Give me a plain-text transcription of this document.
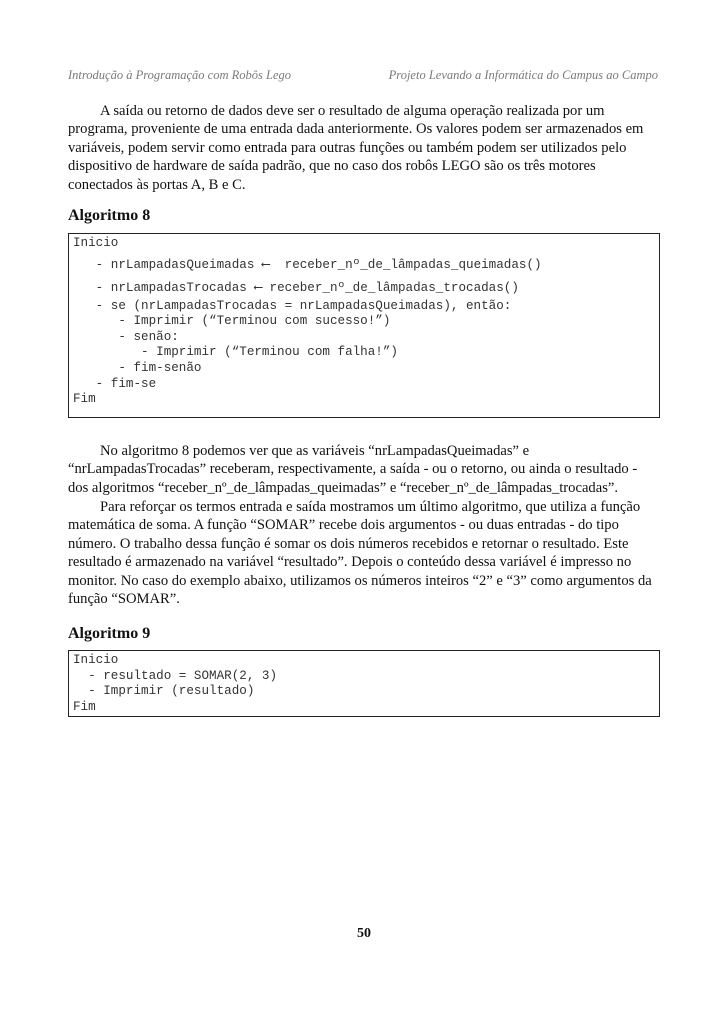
Introdução à Programação com Robôs Lego	Projeto Levando a Informática do Campus ao Campo

A saída ou retorno de dados deve ser o resultado de alguma operação realizada por um
programa, proveniente de uma entrada dada anteriormente. Os valores podem ser armazenados em
variáveis, podem servir como entrada para outras funções ou também podem ser utilizados pelo
dispositivo de hardware de saída padrão, que no caso dos robôs LEGO são os três motores
conectados às portas A, B e C.

Algoritmo 8
Inicio
- nrLampadasQueimadas ⟵  receber_nº_de_lâmpadas_queimadas()
- nrLampadasTrocadas ⟵ receber_nº_de_lâmpadas_trocadas()
- se (nrLampadasTrocadas = nrLampadasQueimadas), então:
- Imprimir (“Terminou com sucesso!”)
- senão:
- Imprimir (“Terminou com falha!”)
- fim-senão
- fim-se
Fim

No algoritmo 8 podemos ver que as variáveis “nrLampadasQueimadas” e
“nrLampadasTrocadas” receberam, respectivamente, a saída - ou o retorno, ou ainda o resultado -
dos algoritmos “receber_nº_de_lâmpadas_queimadas” e “receber_nº_de_lâmpadas_trocadas”.

Para reforçar os termos entrada e saída mostramos um último algoritmo, que utiliza a função
matemática de soma. A função “SOMAR” recebe dois argumentos - ou duas entradas - do tipo
número. O trabalho dessa função é somar os dois números recebidos e retornar o resultado. Este
resultado é armazenado na variável “resultado”. Depois o conteúdo dessa variável é impresso no
monitor. No caso do exemplo abaixo, utilizamos os números inteiros “2” e “3” como argumentos da
função “SOMAR”.

Algoritmo 9
Inicio
- resultado = SOMAR(2, 3)
- Imprimir (resultado)
Fim
50
